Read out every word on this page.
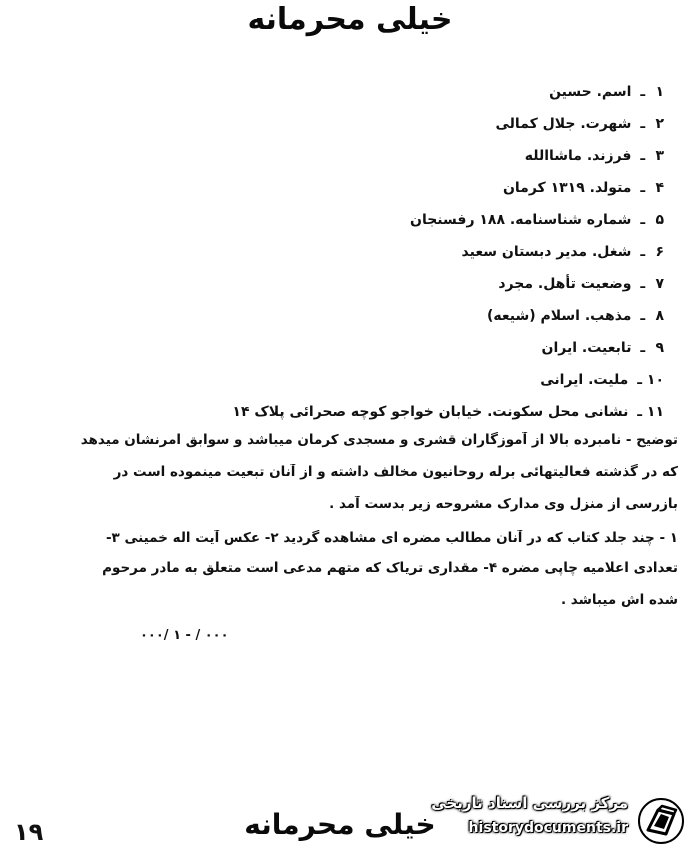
خیلی محرمانه
۱ ـ اسم. حسین
۲ ـ شهرت. جلال کمالی
۳ ـ فرزند. ماشاالله
۴ ـ متولد. ۱۳۱۹ کرمان
۵ ـ شماره شناسنامه. ۱۸۸ رفسنجان
۶ ـ شغل. مدیر دبستان سعید
۷ ـ وضعیت تأهل. مجرد
۸ ـ مذهب. اسلام (شیعه)
۹ ـ تابعیت. ایران
۱۰ ـ ملیت. ایرانی
۱۱ ـ نشانی محل سکونت. خیابان خواجو کوچه صحرائی پلاک ۱۴
توضیح - نامبرده بالا از آموزگاران قشری و مسجدی کرمان میباشد و سوابق امرنشان میدهد
که در گذشته فعالیتهائی برله روحانیون مخالف داشته و از آنان تبعیت مینموده است در
بازرسی از منزل وی مدارک مشروحه زیر بدست آمد .
۱ - چند جلد کتاب که در آنان مطالب مضره ای مشاهده گردید ۲- عکس آیت اله خمینی ۳-
تعدادی اعلامیه چاپی مضره ۴- مقداری تریاک که متهم مدعی است متعلق به مادر مرحوم
شده اش میباشد .
۰۰۰/ ۱ - / ۰۰۰
۱۹	خیلی محرمانه
مرکز بررسی اسناد تاریخی
historydocuments.ir
